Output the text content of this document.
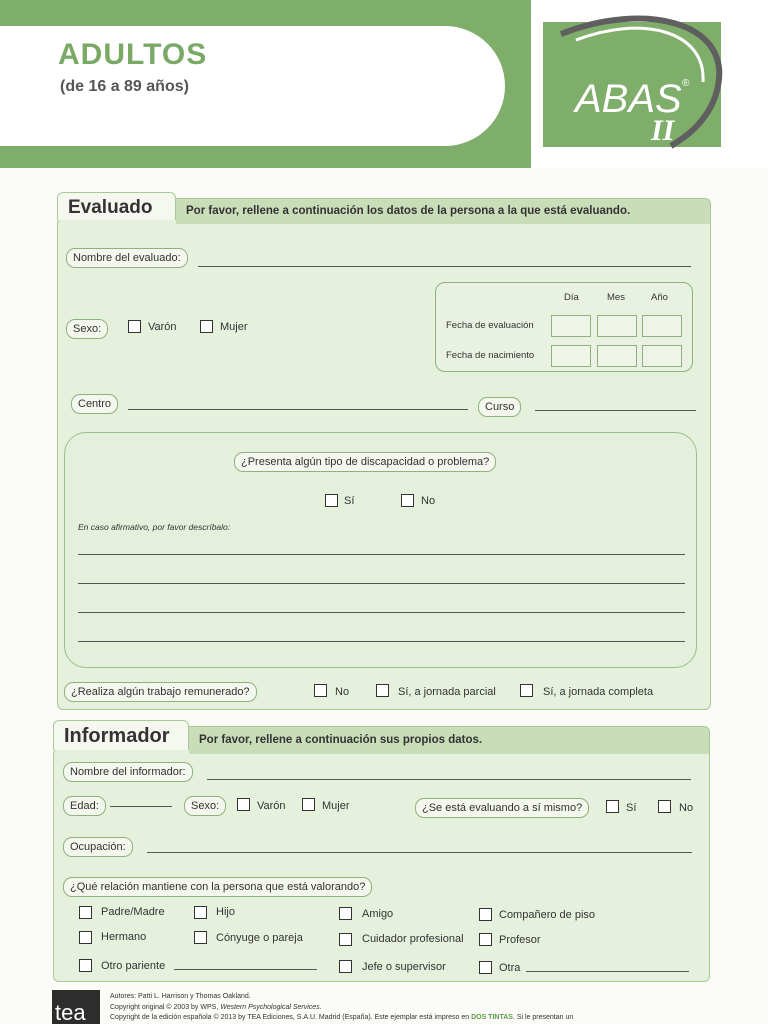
ADULTOS
(de 16 a 89 años)	ABAS ®
II
Evaluado	Por favor, rellene a continuación los datos de la persona a la que está evaluando.
Nombre del evaluado:
Sexo:	Varón	Mujer
Día	Mes	Año
Fecha de evaluación
Fecha de nacimiento
Centro	Curso
¿Presenta algún tipo de discapacidad o problema?
Sí	No
En caso afirmativo, por favor descríbalo:
¿Realiza algún trabajo remunerado?	No	Sí, a jornada parcial	Sí, a jornada completa
Informador	Por favor, rellene a continuación sus propios datos.
Nombre del informador:
Edad:	Sexo:	Varón	Mujer	¿Se está evaluando a sí mismo?	Sí	No
Ocupación:
¿Qué relación mantiene con la persona que está valorando?
Padre/Madre	Hijo	Amigo	Compañero de piso
Hermano	Cónyuge o pareja	Cuidador profesional	Profesor
Otro pariente	Jefe o supervisor	Otra
tea
Autores: Patti L. Harrison y Thomas Oakland.
Copyright original © 2003 by WPS, Western Psychological Services.
Copyright de la edición española © 2013 by TEA Ediciones, S.A.U. Madrid (España). Este ejemplar está impreso en DOS TINTAS. Si le presentan un
